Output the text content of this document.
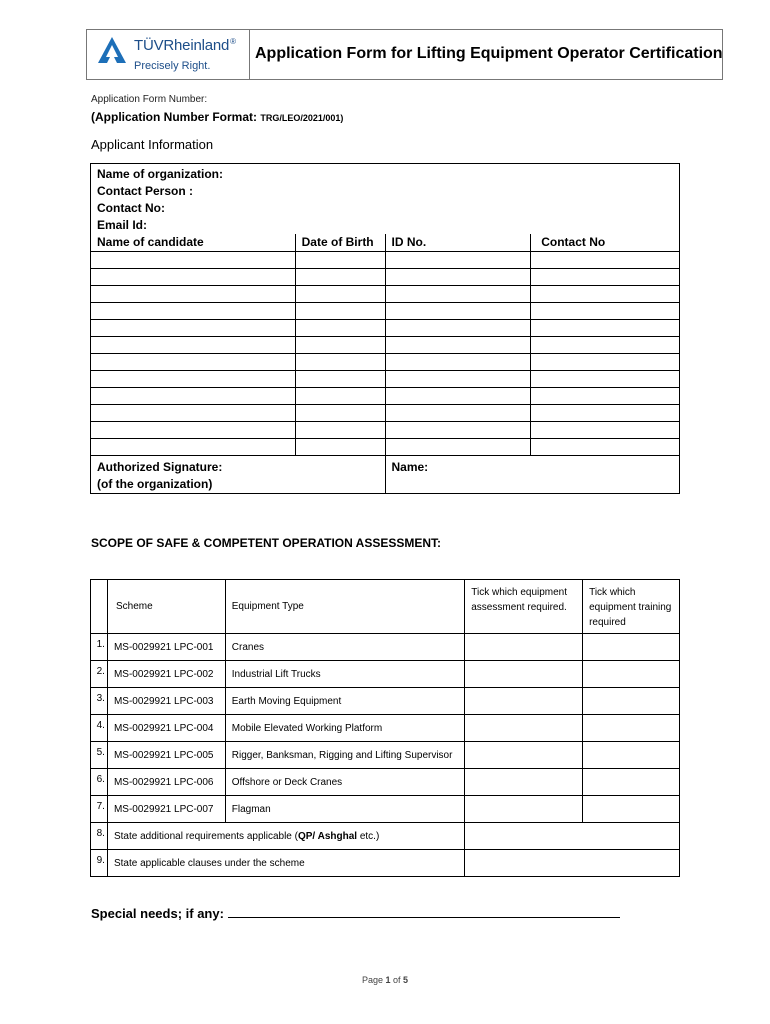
TÜVRheinland®
Precisely Right.
Application Form for Lifting Equipment Operator Certification
Application Form Number:
(Application Number Format: TRG/LEO/2021/001)
Applicant Information
Name of organization:
Contact Person :
Contact No:
Email Id:			

Name of candidate	Date of Birth	ID No.	Contact No

Authorized Signature:
(of the organization)		Name:	
SCOPE OF SAFE & COMPETENT OPERATION ASSESSMENT:
	Scheme	Equipment Type	Tick which equipment assessment required.	Tick which equipment training required
1.	MS-0029921 LPC-001	Cranes		
2.	MS-0029921 LPC-002	Industrial Lift Trucks		
3.	MS-0029921 LPC-003	Earth Moving Equipment		
4.	MS-0029921 LPC-004	Mobile Elevated Working Platform		
5.	MS-0029921 LPC-005	Rigger, Banksman, Rigging and Lifting Supervisor		
6.	MS-0029921 LPC-006	Offshore or Deck Cranes		
7.	MS-0029921 LPC-007	Flagman		
8.	State additional requirements applicable (QP/ Ashghal etc.)			
9.	State applicable clauses under the scheme			
Special needs; if any:
Page 1 of 5
